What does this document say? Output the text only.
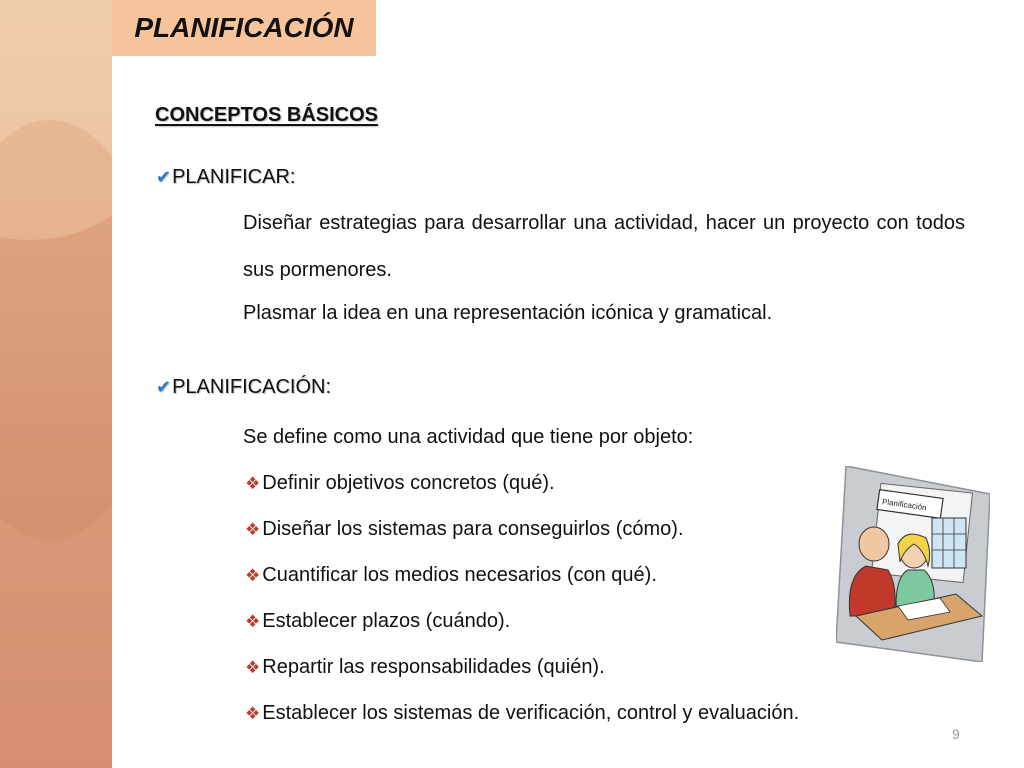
PLANIFICACIÓN
CONCEPTOS BÁSICOS
✔PLANIFICAR:
Diseñar estrategias para desarrollar una actividad, hacer un proyecto con todos sus pormenores.
Plasmar la idea en una representación icónica y gramatical.
✔PLANIFICACIÓN:
Se define como una actividad que tiene por objeto:
❖ Definir objetivos concretos (qué).
❖ Diseñar los sistemas para conseguirlos (cómo).
❖ Cuantificar los medios necesarios (con qué).
❖ Establecer plazos (cuándo).
❖ Repartir las responsabilidades (quién).
❖ Establecer los sistemas de verificación, control y evaluación.
Planificación
9
